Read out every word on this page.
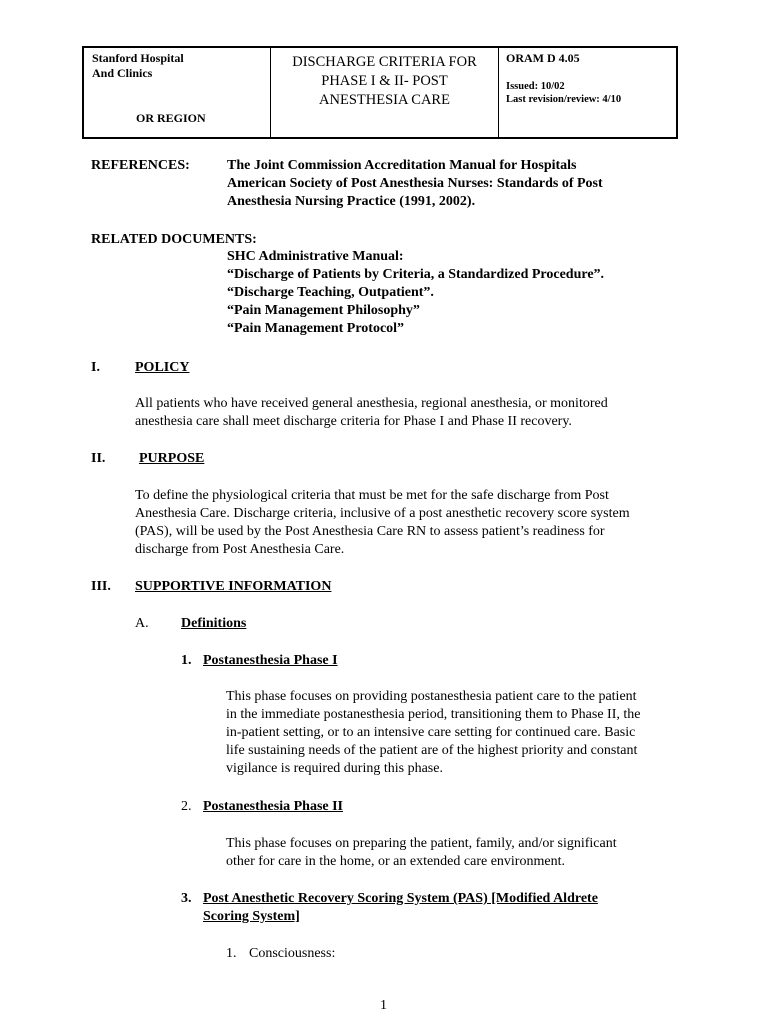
Stanford Hospital
And Clinics
OR REGION
DISCHARGE CRITERIA FOR
PHASE I & II- POST
ANESTHESIA CARE
ORAM D 4.05
Issued: 10/02
Last revision/review: 4/10
REFERENCES:	The Joint Commission Accreditation Manual for Hospitals
American Society of Post Anesthesia Nurses: Standards of Post
Anesthesia Nursing Practice (1991, 2002).
RELATED DOCUMENTS:
SHC Administrative Manual:
“Discharge of Patients by Criteria, a Standardized Procedure”.
“Discharge Teaching, Outpatient”.
“Pain Management Philosophy”
“Pain Management Protocol”
I.	POLICY
All patients who have received general anesthesia, regional anesthesia, or monitored
anesthesia care shall meet discharge criteria for Phase I and Phase II recovery.
II. PURPOSE
To define the physiological criteria that must be met for the safe discharge from Post
Anesthesia Care. Discharge criteria, inclusive of a post anesthetic recovery score system
(PAS), will be used by the Post Anesthesia Care RN to assess patient’s readiness for
discharge from Post Anesthesia Care.
III. SUPPORTIVE INFORMATION
A. Definitions
1. Postanesthesia Phase I
This phase focuses on providing postanesthesia patient care to the patient
in the immediate postanesthesia period, transitioning them to Phase II, the
in-patient setting, or to an intensive care setting for continued care. Basic
life sustaining needs of the patient are of the highest priority and constant
vigilance is required during this phase.
2. Postanesthesia Phase II
This phase focuses on preparing the patient, family, and/or significant
other for care in the home, or an extended care environment.
3. Post Anesthetic Recovery Scoring System (PAS) [Modified Aldrete
Scoring System]
1. Consciousness:
1
